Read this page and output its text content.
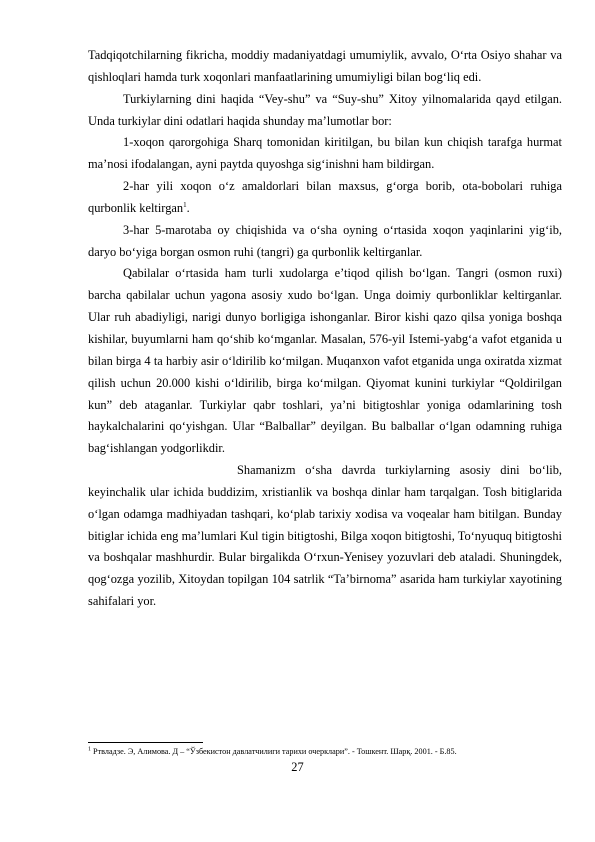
Tadqiqotchilarning fikricha, moddiy madaniyatdagi umumiylik, avvalo, O‘rta Osiyo shahar va qishloqlari hamda turk xoqonlari manfaatlarining umumiyligi bilan bog‘liq edi.

Turkiylarning dini haqida “Vey-shu” va “Suy-shu” Xitoy yilnomalarida qayd etilgan. Unda turkiylar dini odatlari haqida shunday ma’lumotlar bor:

1-xoqon qarorgohiga Sharq tomonidan kiritilgan, bu bilan kun chiqish tarafga hurmat ma’nosi ifodalangan, ayni paytda quyoshga sig‘inishni ham bildirgan.

2-har yili xoqon o‘z amaldorlari bilan maxsus, g‘orga borib, ota-bobolari ruhiga qurbonlik keltirgan$^1$.

3-har 5-marotaba oy chiqishida va o‘sha oyning o‘rtasida xoqon yaqinlarini yig‘ib, daryo bo‘yiga borgan osmon ruhi (tangri) ga qurbonlik keltirganlar.

Qabilalar o‘rtasida ham turli xudolarga e’tiqod qilish bo‘lgan. Tangri (osmon ruxi) barcha qabilalar uchun yagona asosiy xudo bo‘lgan. Unga doimiy qurbonliklar keltirganlar. Ular ruh abadiyligi, narigi dunyo borligiga ishonganlar. Biror kishi qazo qilsa yoniga boshqa kishilar, buyumlarni ham qo‘shib ko‘mganlar. Masalan, 576-yil Istemi-yabg‘a vafot etganida u bilan birga 4 ta harbiy asir o‘ldirilib ko‘milgan. Muqanxon vafot etganida unga oxiratda xizmat qilish uchun 20.000 kishi o‘ldirilib, birga ko‘milgan. Qiyomat kunini turkiylar “Qoldirilgan kun” deb ataganlar. Turkiylar qabr toshlari, ya’ni bitigtoshlar yoniga odamlarining tosh haykalchalarini qo‘yishgan. Ular “Balballar” deyilgan. Bu balballar o‘lgan odamning ruhiga bag‘ishlangan yodgorlikdir.

Shamanizm o‘sha davrda turkiylarning asosiy dini bo‘lib, keyinchalik ular ichida buddizim, xristianlik va boshqa dinlar ham tarqalgan. Tosh bitiglarida o‘lgan odamga madhiyadan tashqari, ko‘plab tarixiy xodisa va voqealar ham bitilgan. Bunday bitiglar ichida eng ma’lumlari Kul tigin bitigtoshi, Bilga xoqon bitigtoshi, To‘nyuquq bitigtoshi va boshqalar mashhurdir. Bular birgalikda O‘rxun-Yenisey yozuvlari deb ataladi. Shuningdek, qog‘ozga yozilib, Xitoydan topilgan 104 satrlik “Ta’birnoma” asarida ham turkiylar xayotining sahifalari yor.

$^1$ Ртвладзе. Э, Алимова. Д – “Ўзбекистон давлатчилиги тарихи очерклари”. - Тошкент. Шарқ. 2001. - Б.85.
27
